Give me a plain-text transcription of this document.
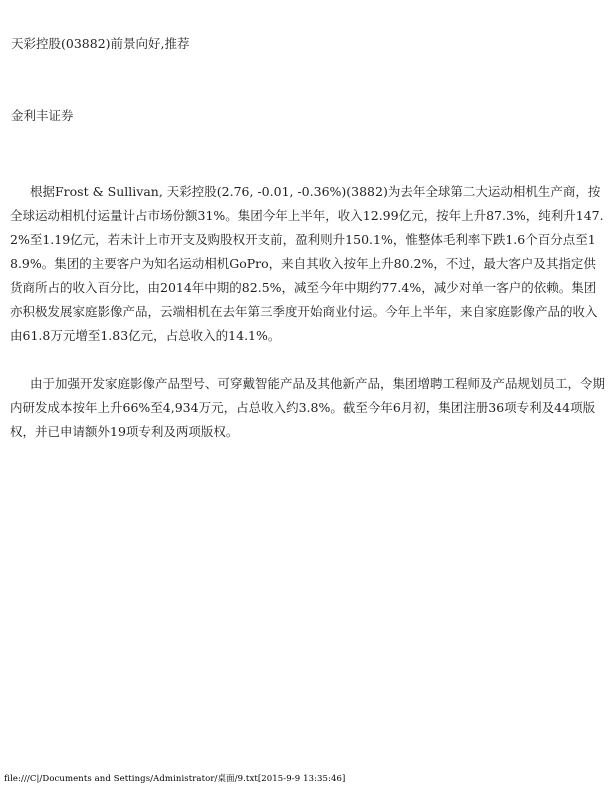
天彩控股(03882)前景向好,推荐
金利丰证券
根据Frost & Sullivan, 天彩控股(2.76, -0.01, -0.36%)(3882)为去年全球第二大运动相机生产商，按全球运动相机付运量计占市场份额31%。集团今年上半年，收入12.99亿元，按年上升87.3%，纯利升147.2%至1.19亿元，若未计上市开支及购股权开支前，盈利则升150.1%，惟整体毛利率下跌1.6个百分点至18.9%。集团的主要客户为知名运动相机GoPro，来自其收入按年上升80.2%，不过，最大客户及其指定供货商所占的收入百分比，由2014年中期的82.5%，减至今年中期约77.4%，减少对单一客户的依赖。集团亦积极发展家庭影像产品，云端相机在去年第三季度开始商业付运。今年上半年，来自家庭影像产品的收入由61.8万元增至1.83亿元，占总收入的14.1%。
由于加强开发家庭影像产品型号、可穿戴智能产品及其他新产品，集团增聘工程师及产品规划员工，令期内研发成本按年上升66%至4,934万元，占总收入约3.8%。截至今年6月初，集团注册36项专利及44项版权，并已申请额外19项专利及两项版权。
file:///C|/Documents and Settings/Administrator/桌面/9.txt[2015-9-9 13:35:46]
